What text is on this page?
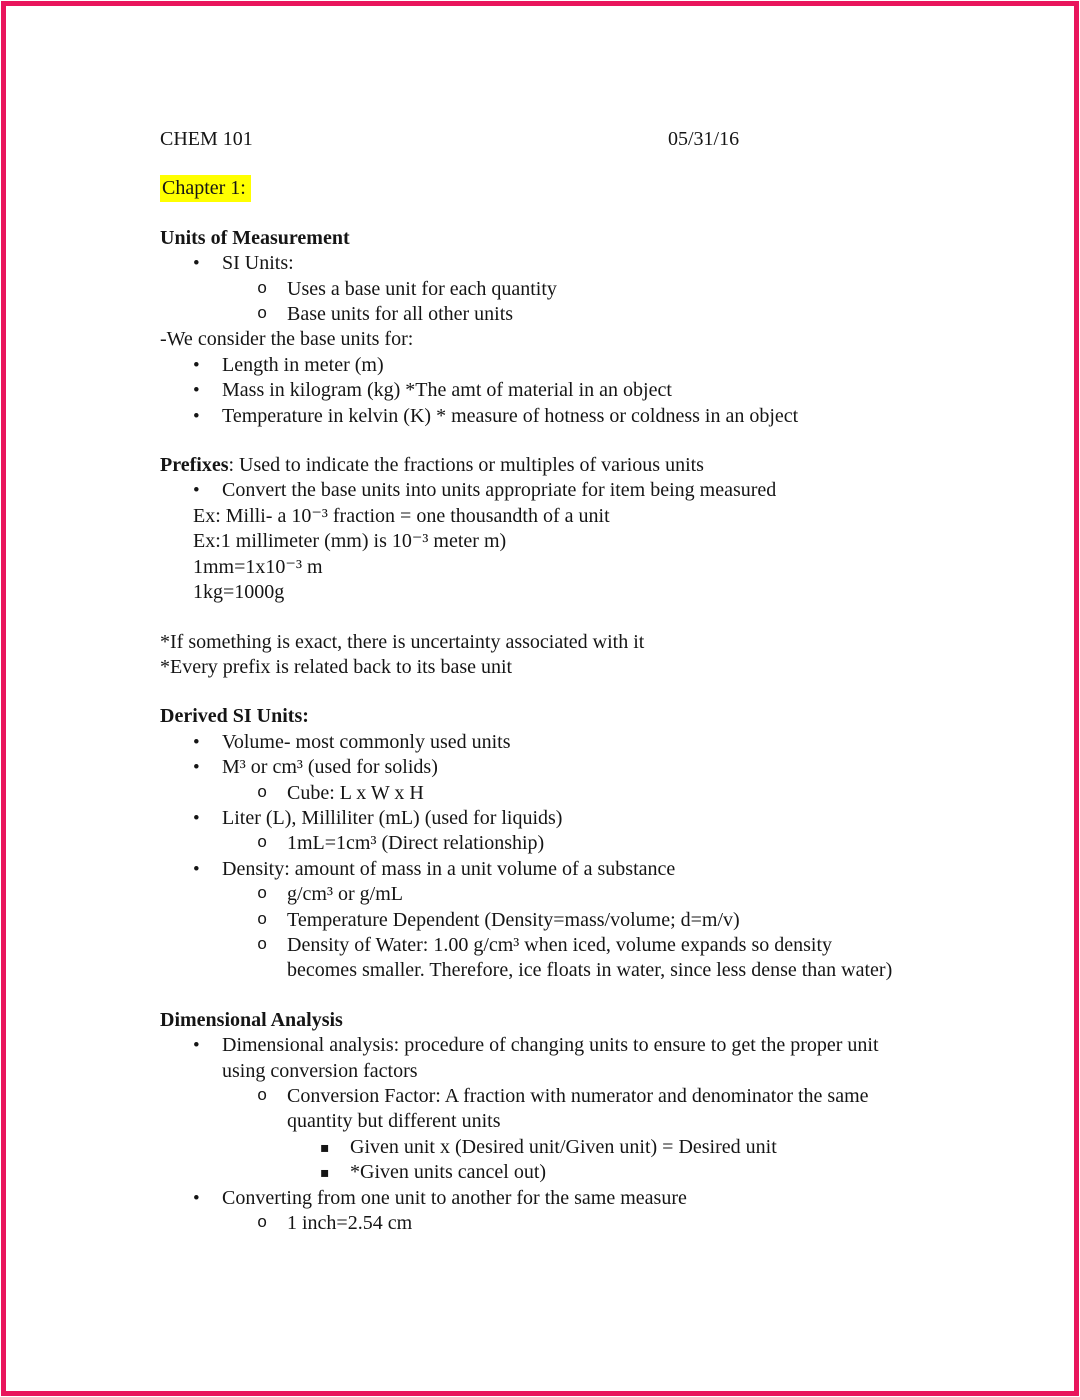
CHEM 101	05/31/16
Chapter 1:
Units of Measurement
• SI Units:
o Uses a base unit for each quantity
o Base units for all other units
-We consider the base units for:
• Length in meter (m)
• Mass in kilogram (kg) *The amt of material in an object
• Temperature in kelvin (K) * measure of hotness or coldness in an object
Prefixes: Used to indicate the fractions or multiples of various units
• Convert the base units into units appropriate for item being measured
Ex: Milli- a 10⁻³ fraction = one thousandth of a unit
Ex:1 millimeter (mm) is 10⁻³ meter m)
1mm=1x10⁻³ m
1kg=1000g
*If something is exact, there is uncertainty associated with it
*Every prefix is related back to its base unit
Derived SI Units:
• Volume- most commonly used units
• M³ or cm³ (used for solids)
o Cube: L x W x H
• Liter (L), Milliliter (mL) (used for liquids)
o 1mL=1cm³ (Direct relationship)
• Density: amount of mass in a unit volume of a substance
o g/cm³ or g/mL
o Temperature Dependent (Density=mass/volume; d=m/v)
o Density of Water: 1.00 g/cm³ when iced, volume expands so density becomes smaller. Therefore, ice floats in water, since less dense than water)
Dimensional Analysis
• Dimensional analysis: procedure of changing units to ensure to get the proper unit using conversion factors
o Conversion Factor: A fraction with numerator and denominator the same quantity but different units
▪ Given unit x (Desired unit/Given unit) = Desired unit
▪ *Given units cancel out)
• Converting from one unit to another for the same measure
o 1 inch=2.54 cm
